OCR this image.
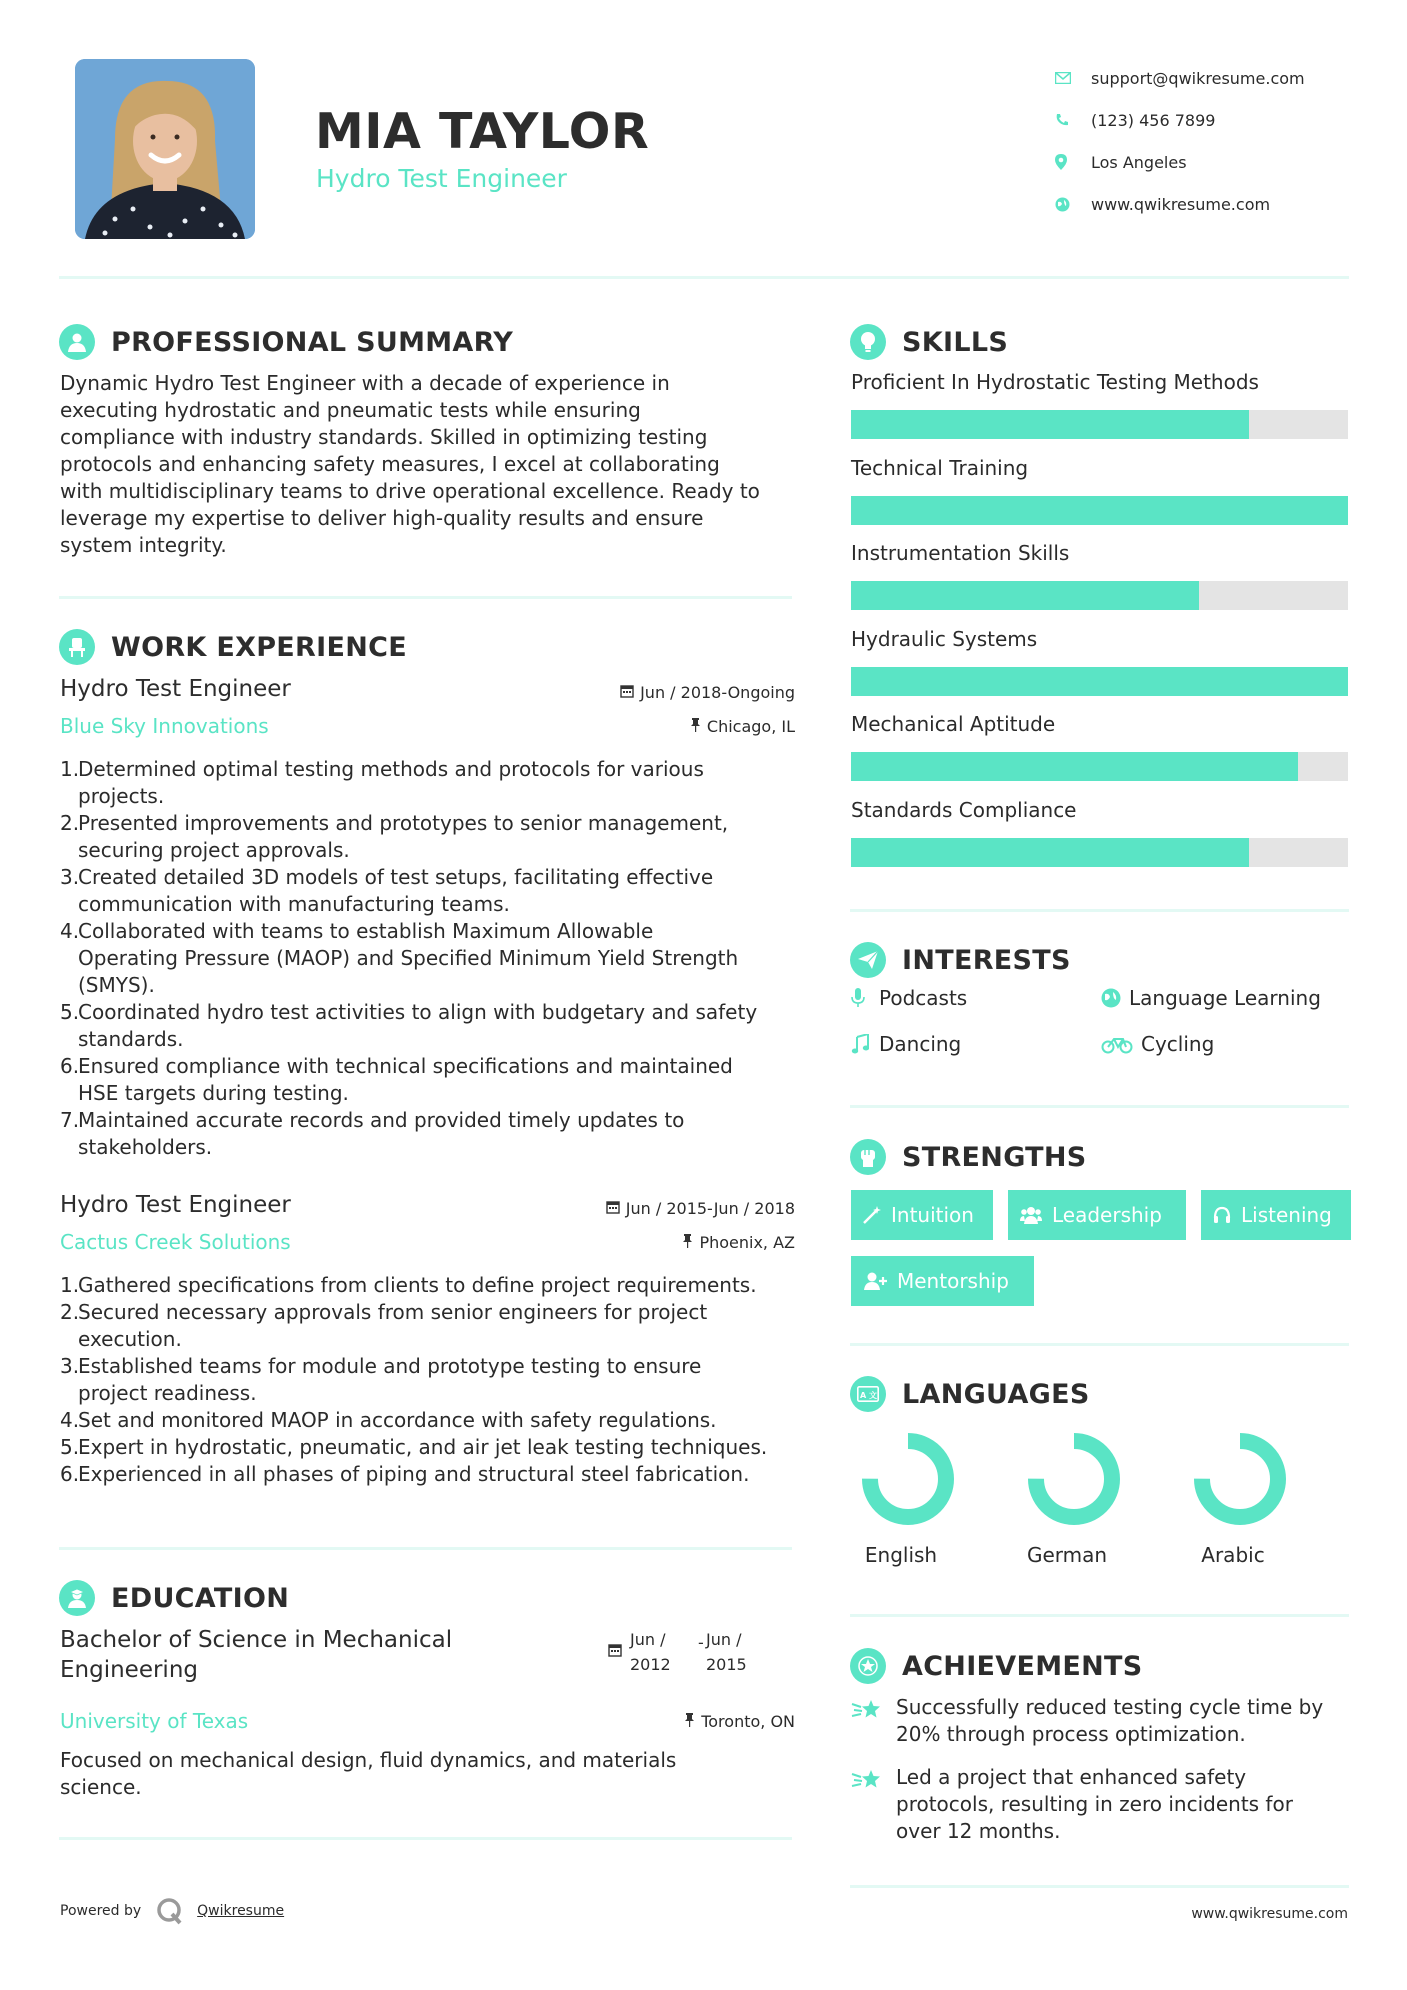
MIA TAYLOR
Hydro Test Engineer
support@qwikresume.com
(123) 456 7899
Los Angeles
www.qwikresume.com
PROFESSIONAL SUMMARY
Dynamic Hydro Test Engineer with a decade of experience in
executing hydrostatic and pneumatic tests while ensuring
compliance with industry standards. Skilled in optimizing testing
protocols and enhancing safety measures, I excel at collaborating
with multidisciplinary teams to drive operational excellence. Ready to
leverage my expertise to deliver high-quality results and ensure
system integrity.
WORK EXPERIENCE
Hydro Test Engineer	Jun / 2018-Ongoing
Blue Sky Innovations	Chicago, IL
1.
Determined optimal testing methods and protocols for various
projects.
2.
Presented improvements and prototypes to senior management,
securing project approvals.
3.
Created detailed 3D models of test setups, facilitating effective
communication with manufacturing teams.
4.
Collaborated with teams to establish Maximum Allowable
Operating Pressure (MAOP) and Specified Minimum Yield Strength
(SMYS).
5.
Coordinated hydro test activities to align with budgetary and safety
standards.
6.
Ensured compliance with technical specifications and maintained
HSE targets during testing.
7.
Maintained accurate records and provided timely updates to
stakeholders.
Hydro Test Engineer	Jun / 2015-Jun / 2018
Cactus Creek Solutions	Phoenix, AZ
1.
Gathered specifications from clients to define project requirements.
2.
Secured necessary approvals from senior engineers for project
execution.
3.
Established teams for module and prototype testing to ensure
project readiness.
4.
Set and monitored MAOP in accordance with safety regulations.
5.
Expert in hydrostatic, pneumatic, and air jet leak testing techniques.
6.
Experienced in all phases of piping and structural steel fabrication.
EDUCATION
Bachelor of Science in Mechanical
Engineering
Jun /
2012
- Jun /
2015
University of Texas	Toronto, ON
Focused on mechanical design, fluid dynamics, and materials
science.
Powered by	Qwikresume	www.qwikresume.com
SKILLS
Proficient In Hydrostatic Testing Methods
Technical Training
Instrumentation Skills
Hydraulic Systems
Mechanical Aptitude
Standards Compliance
INTERESTS
Podcasts	Language Learning
Dancing	Cycling
STRENGTHS
Intuition	Leadership	Listening
Mentorship
A 文 LANGUAGES
English	German	Arabic
ACHIEVEMENTS
Successfully reduced testing cycle time by
20% through process optimization.
Led a project that enhanced safety
protocols, resulting in zero incidents for
over 12 months.
